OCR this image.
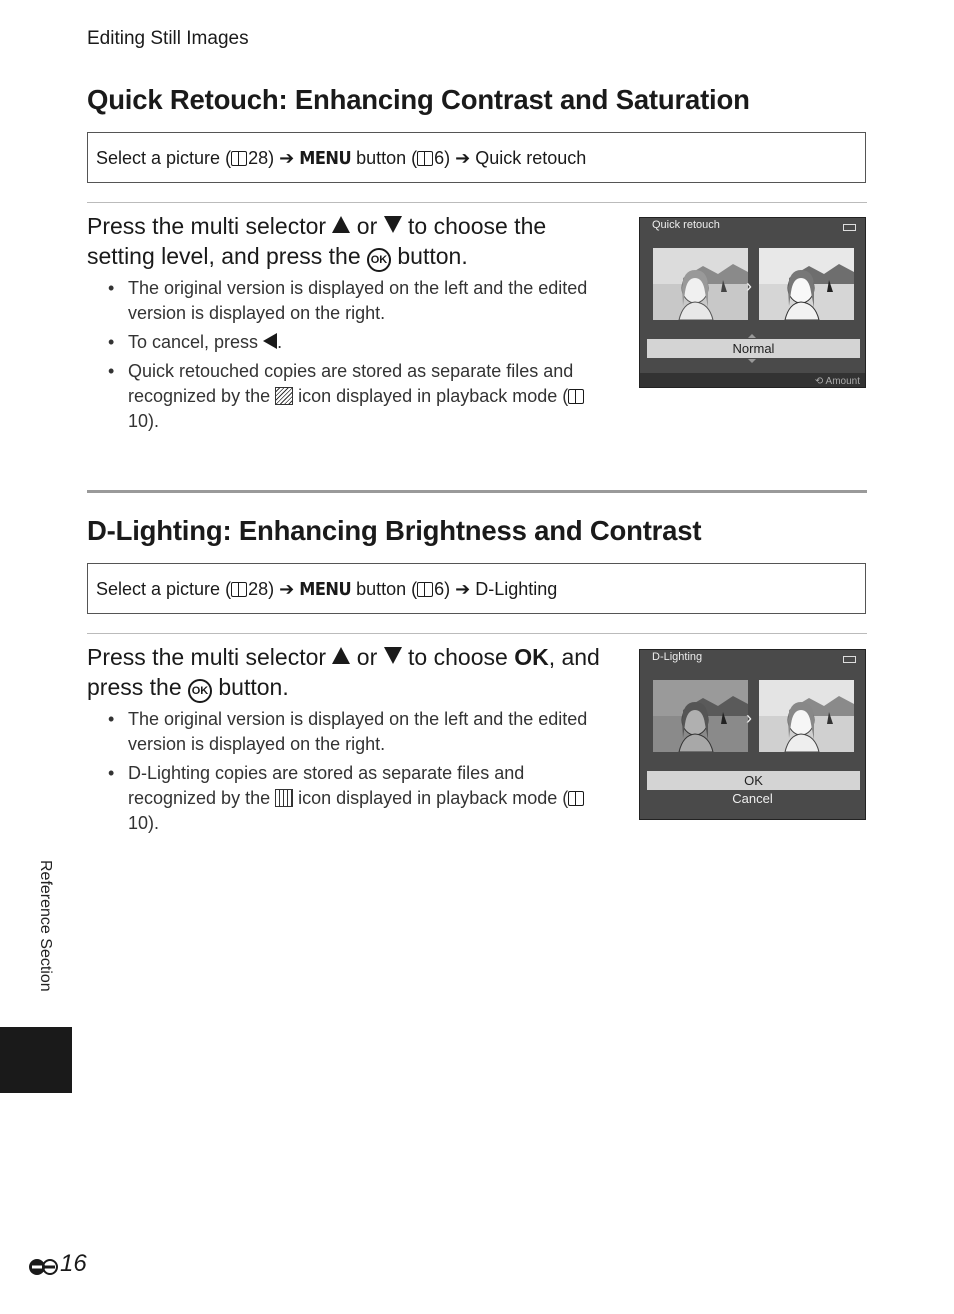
Editing Still Images
Quick Retouch: Enhancing Contrast and Saturation
Select a picture ( 28) ➔ MENU button ( 6) ➔ Quick retouch
Press the multi selector  or  to choose the setting level, and press the OK button.
• The original version is displayed on the left and the edited version is displayed on the right.
• To cancel, press .
• Quick retouched copies are stored as separate files and recognized by the  icon displayed in playback mode (10).
Quick retouch
›
Normal
⟲ Amount
D-Lighting: Enhancing Brightness and Contrast
Select a picture ( 28) ➔ MENU button ( 6) ➔ D-Lighting
Press the multi selector  or  to choose OK, and press the OK button.
• The original version is displayed on the left and the edited version is displayed on the right.
• D-Lighting copies are stored as separate files and recognized by the  icon displayed in playback mode (10).
D-Lighting
›
OK
Cancel
Reference Section
16
